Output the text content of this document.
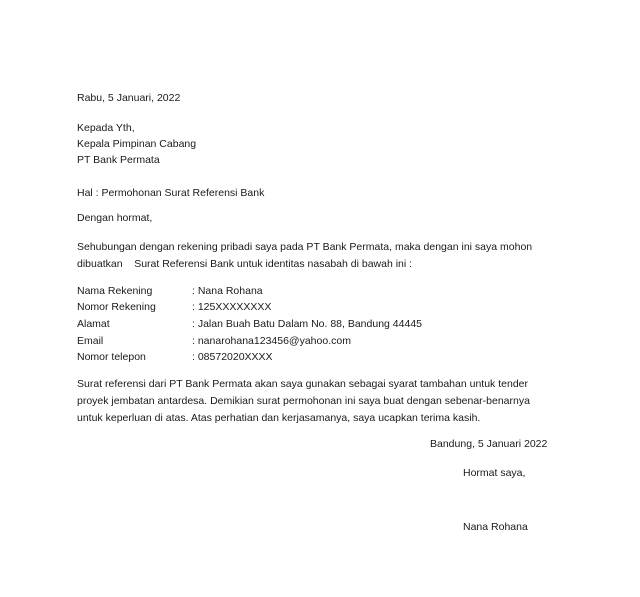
Rabu, 5 Januari, 2022
Kepada Yth,
Kepala Pimpinan Cabang
PT Bank Permata
Hal : Permohonan Surat Referensi Bank
Dengan hormat,
Sehubungan dengan rekening pribadi saya pada PT Bank Permata, maka dengan ini saya mohon
dibuatkan    Surat Referensi Bank untuk identitas nasabah di bawah ini :
Nama Rekening	: Nana Rohana
Nomor Rekening	: 125XXXXXXXX
Alamat	: Jalan Buah Batu Dalam No. 88, Bandung 44445
Email	: nanarohana123456@yahoo.com
Nomor telepon	: 08572020XXXX
Surat referensi dari PT Bank Permata akan saya gunakan sebagai syarat tambahan untuk tender
proyek jembatan antardesa. Demikian surat permohonan ini saya buat dengan sebenar-benarnya
untuk keperluan di atas. Atas perhatian dan kerjasamanya, saya ucapkan terima kasih.
Bandung, 5 Januari 2022
Hormat saya,
Nana Rohana
